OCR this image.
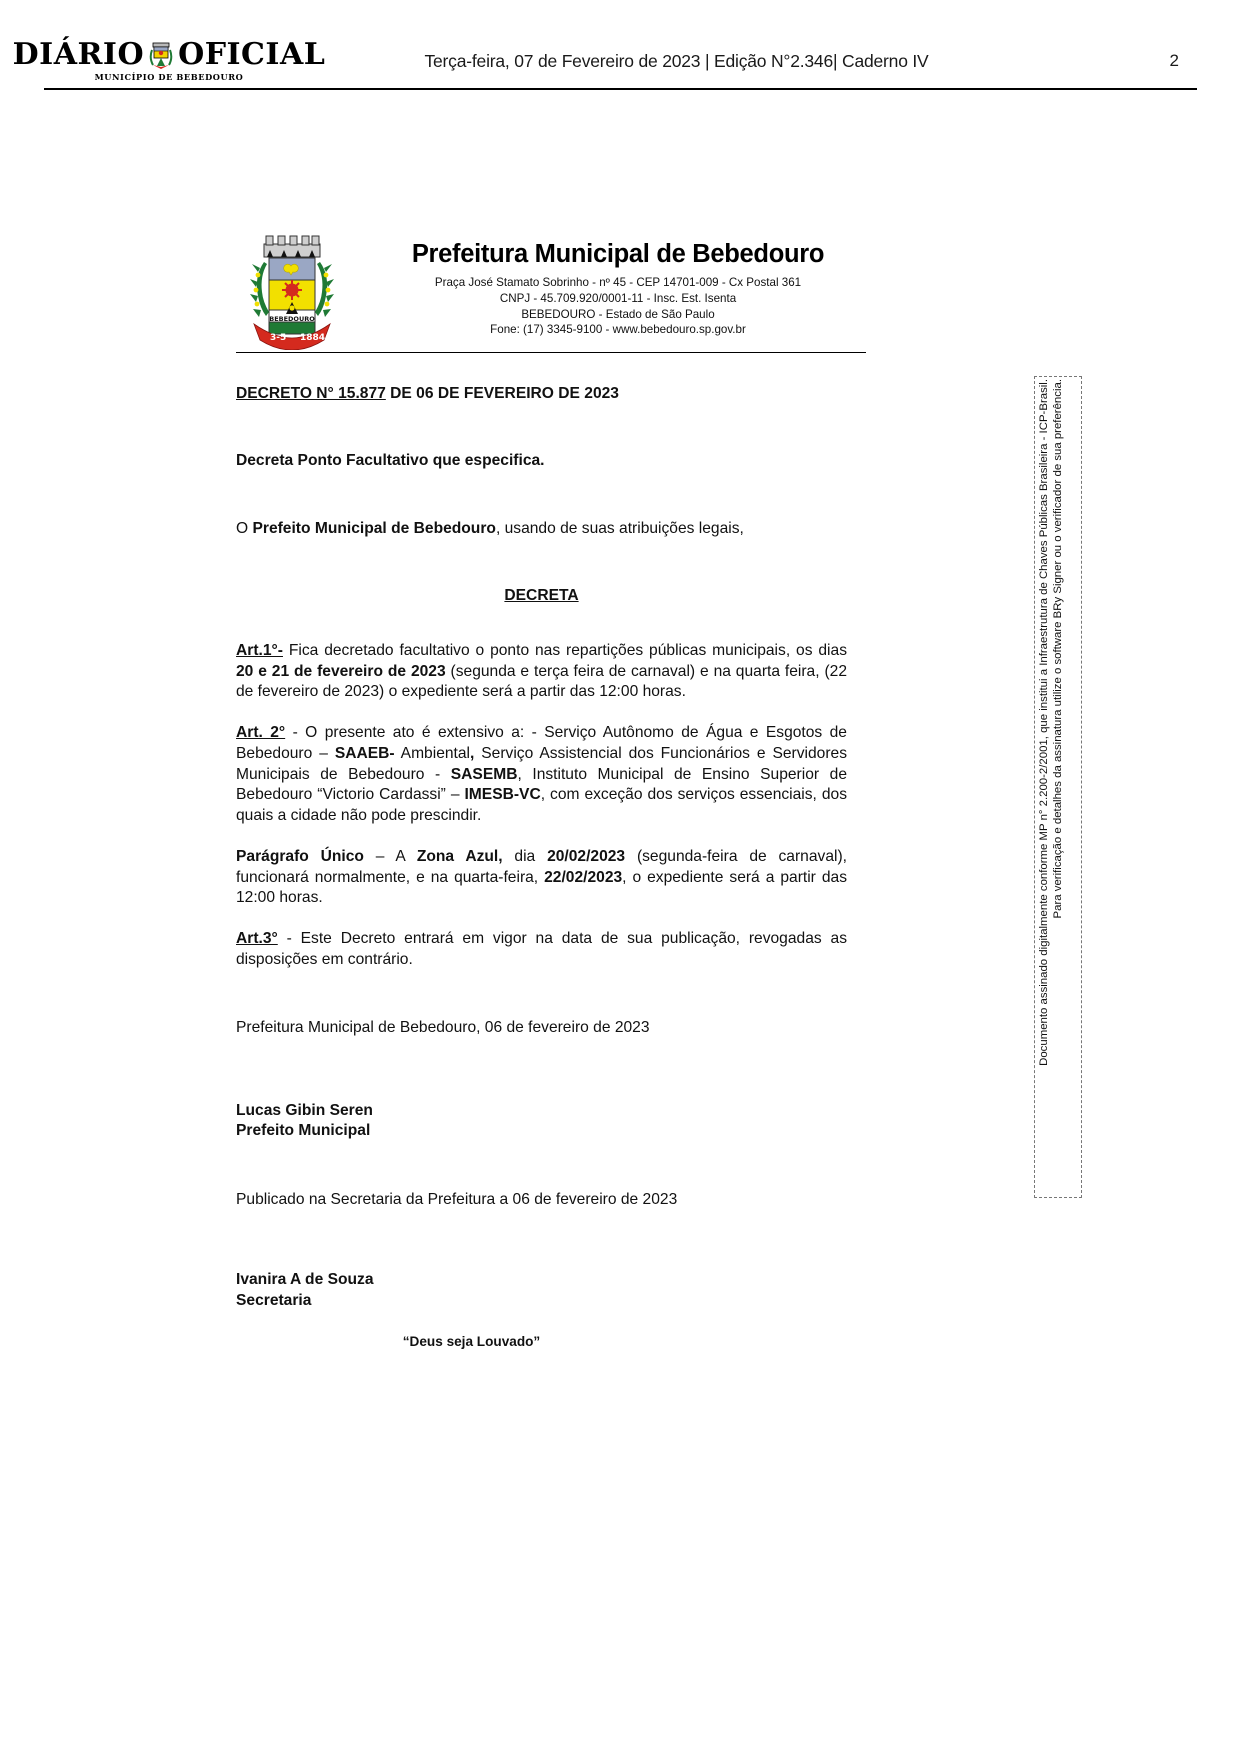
DIÁRIO OFICIAL
MUNICÍPIO DE BEBEDOURO
Terça-feira, 07 de Fevereiro de 2023 | Edição N°2.346| Caderno IV	2
3-5 1884
BEBEDOURO
Prefeitura Municipal de Bebedouro
Praça José Stamato Sobrinho - nº 45 - CEP 14701-009 - Cx Postal 361
CNPJ - 45.709.920/0001-11 - Insc. Est. Isenta
BEBEDOURO - Estado de São Paulo
Fone: (17) 3345-9100 - www.bebedouro.sp.gov.br

DECRETO N° 15.877 DE 06 DE FEVEREIRO DE 2023

Decreta Ponto Facultativo que especifica.

O Prefeito Municipal de Bebedouro, usando de suas atribuições legais,

DECRETA

Art.1°- Fica decretado facultativo o ponto nas repartições públicas municipais, os dias 20 e 21 de fevereiro de 2023 (segunda e terça feira de carnaval) e na quarta feira, (22 de fevereiro de 2023) o expediente será a partir das 12:00 horas.

Art. 2° - O presente ato é extensivo a: - Serviço Autônomo de Água e Esgotos de Bebedouro – SAAEB- Ambiental, Serviço Assistencial dos Funcionários e Servidores Municipais de Bebedouro - SASEMB, Instituto Municipal de Ensino Superior de Bebedouro “Victorio Cardassi” – IMESB-VC, com exceção dos serviços essenciais, dos quais a cidade não pode prescindir.

Parágrafo Único – A Zona Azul, dia 20/02/2023 (segunda-feira de carnaval), funcionará normalmente, e na quarta-feira, 22/02/2023, o expediente será a partir das 12:00 horas.

Art.3° - Este Decreto entrará em vigor na data de sua publicação, revogadas as disposições em contrário.

Prefeitura Municipal de Bebedouro, 06 de fevereiro de 2023

Lucas Gibin Seren
Prefeito Municipal

Publicado na Secretaria da Prefeitura a 06 de fevereiro de 2023

Ivanira A de Souza
Secretaria

“Deus seja Louvado”

Documento assinado digitalmente conforme MP n° 2.200-2/2001, que institui a Infraestrutura de Chaves Públicas Brasileira - ICP-Brasil. Para verificação e detalhes da assinatura utilize o software BRy Signer ou o verificador de sua preferência.
